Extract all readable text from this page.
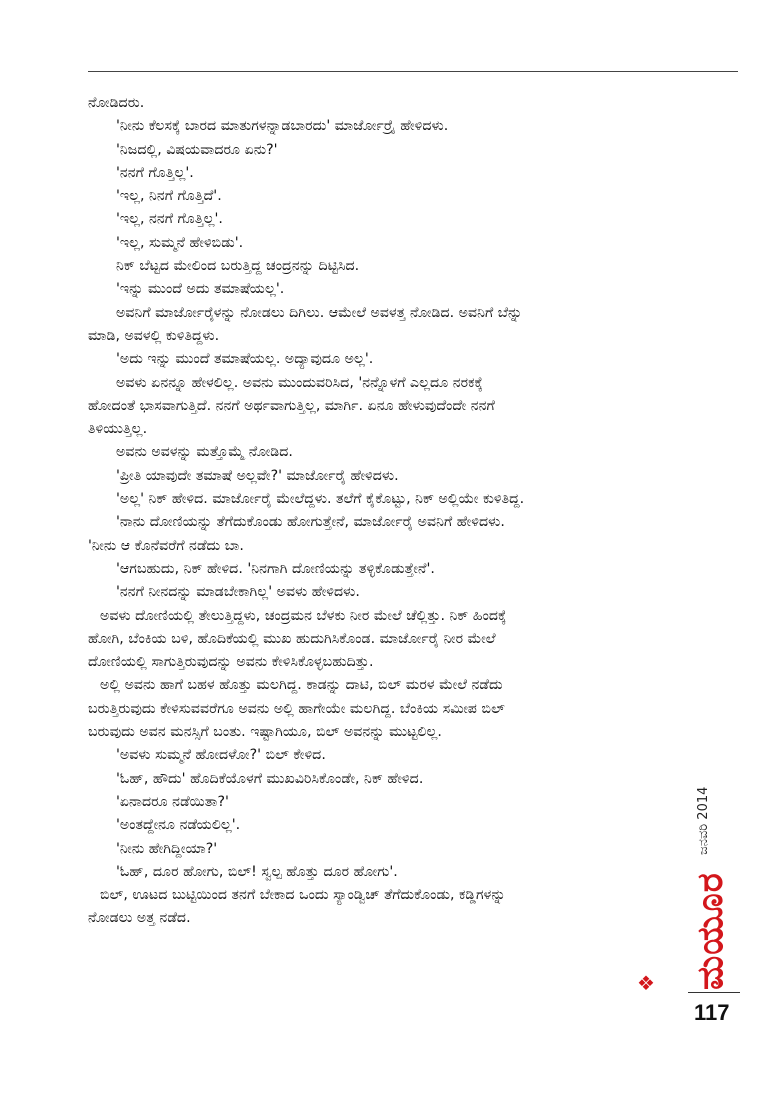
ನೋಡಿದರು.
'ನೀನು ಕೆಲಸಕ್ಕೆ ಬಾರದ ಮಾತುಗಳನ್ನಾಡಬಾರದು' ಮಾರ್ಜೋರ‍್ರೈ ಹೇಳಿದಳು.
'ನಿಜದಲ್ಲಿ, ವಿಷಯವಾದರೂ ಏನು?'
'ನನಗೆ ಗೊತ್ತಿಲ್ಲ'.
'ಇಲ್ಲ, ನಿನಗೆ ಗೊತ್ತಿದೆ'.
'ಇಲ್ಲ, ನನಗೆ ಗೊತ್ತಿಲ್ಲ'.
'ಇಲ್ಲ, ಸುಮ್ಮನೆ ಹೇಳಿಬಿಡು'.
ನಿಕ್ ಬೆಟ್ಟದ ಮೇಲಿಂದ ಬರುತ್ತಿದ್ದ ಚಂದ್ರನನ್ನು ದಿಟ್ಟಿಸಿದ.
'ಇನ್ನು ಮುಂದೆ ಅದು ತಮಾಷೆಯಲ್ಲ'.
ಅವನಿಗೆ ಮಾರ್ಜೋರೈಳನ್ನು ನೋಡಲು ದಿಗಿಲು. ಆಮೇಲೆ ಅವಳತ್ತ ನೋಡಿದ. ಅವನಿಗೆ ಬೆನ್ನು
ಮಾಡಿ, ಅವಳಲ್ಲಿ ಕುಳಿತಿದ್ದಳು.
'ಅದು ಇನ್ನು ಮುಂದೆ ತಮಾಷೆಯಲ್ಲ. ಅದ್ಯಾವುದೂ ಅಲ್ಲ'.
ಅವಳು ಏನನ್ನೂ ಹೇಳಲಿಲ್ಲ. ಅವನು ಮುಂದುವರಿಸಿದ, 'ನನ್ನೊಳಗೆ ಎಲ್ಲದೂ ನರಕಕ್ಕೆ
ಹೋದಂತೆ ಭಾಸವಾಗುತ್ತಿದೆ. ನನಗೆ ಅರ್ಥವಾಗುತ್ತಿಲ್ಲ, ಮಾರ್ಗಿ. ಏನೂ ಹೇಳುವುದೆಂದೇ ನನಗೆ
ತಿಳಿಯುತ್ತಿಲ್ಲ.
ಅವನು ಅವಳನ್ನು ಮತ್ತೊಮ್ಮೆ ನೋಡಿದ.
'ಪ್ರೀತಿ ಯಾವುದೇ ತಮಾಷೆ ಅಲ್ಲವೇ?' ಮಾರ್ಜೋರೈ ಹೇಳಿದಳು.
'ಅಲ್ಲ' ನಿಕ್ ಹೇಳಿದ. ಮಾರ್ಜೋರೈ ಮೇಲೆದ್ದಳು. ತಲೆಗೆ ಕೈಕೊಟ್ಟು, ನಿಕ್ ಅಲ್ಲಿಯೇ ಕುಳಿತಿದ್ದ.
'ನಾನು ದೋಣಿಯನ್ನು ತೆಗೆದುಕೊಂಡು ಹೋಗುತ್ತೇನೆ, ಮಾರ್ಜೋರೈ ಅವನಿಗೆ ಹೇಳಿದಳು.
'ನೀನು ಆ ಕೊನೆವರೆಗೆ ನಡೆದು ಬಾ.
'ಆಗಬಹುದು, ನಿಕ್ ಹೇಳಿದ. 'ನಿನಗಾಗಿ ದೋಣಿಯನ್ನು ತಳ್ಳಿಕೊಡುತ್ತೇನೆ'.
'ನನಗೆ ನೀನದನ್ನು ಮಾಡಬೇಕಾಗಿಲ್ಲ' ಅವಳು ಹೇಳಿದಳು.
ಅವಳು ದೋಣಿಯಲ್ಲಿ ತೇಲುತ್ತಿದ್ದಳು, ಚಂದ್ರಮನ ಬೆಳಕು ನೀರ ಮೇಲೆ ಚೆಲ್ಲಿತ್ತು. ನಿಕ್ ಹಿಂದಕ್ಕೆ
ಹೋಗಿ, ಬೆಂಕಿಯ ಬಳಿ, ಹೊದಿಕೆಯಲ್ಲಿ ಮುಖ ಹುದುಗಿಸಿಕೊಂಡ. ಮಾರ್ಜೋರೈ ನೀರ ಮೇಲೆ
ದೋಣಿಯಲ್ಲಿ ಸಾಗುತ್ತಿರುವುದನ್ನು ಅವನು ಕೇಳಿಸಿಕೊಳ್ಳಬಹುದಿತ್ತು.
ಅಲ್ಲಿ ಅವನು ಹಾಗೆ ಬಹಳ ಹೊತ್ತು ಮಲಗಿದ್ದ. ಕಾಡನ್ನು ದಾಟಿ, ಬಿಲ್ ಮರಳ ಮೇಲೆ ನಡೆದು
ಬರುತ್ತಿರುವುದು ಕೇಳಿಸುವವರೆಗೂ ಅವನು ಅಲ್ಲಿ ಹಾಗೇಯೇ ಮಲಗಿದ್ದ. ಬೆಂಕಿಯ ಸಮೀಪ ಬಿಲ್
ಬರುವುದು ಅವನ ಮನಸ್ಸಿಗೆ ಬಂತು. ಇಷ್ಟಾಗಿಯೂ, ಬಿಲ್ ಅವನನ್ನು ಮುಟ್ಟಲಿಲ್ಲ.
'ಅವಳು ಸುಮ್ಮನೆ ಹೋದಳೋ?' ಬಿಲ್ ಕೇಳಿದ.
'ಓಹ್, ಹೌದು' ಹೊದಿಕೆಯೊಳಗೆ ಮುಖವಿರಿಸಿಕೊಂಡೇ, ನಿಕ್ ಹೇಳಿದ.
'ಏನಾದರೂ ನಡೆಯಿತಾ?'
'ಅಂತದ್ದೇನೂ ನಡೆಯಲಿಲ್ಲ'.
'ನೀನು ಹೇಗಿದ್ದೀಯಾ?'
'ಓಹ್, ದೂರ ಹೋಗು, ಬಿಲ್! ಸ್ವಲ್ಪ ಹೊತ್ತು ದೂರ ಹೋಗು'.
ಬಿಲ್, ಊಟದ ಬುಟ್ಟಿಯಿಂದ ತನಗೆ ಬೇಕಾದ ಒಂದು ಸ್ಯಾಂಡ್ವಿಚ್ ತೆಗೆದುಕೊಂಡು, ಕಡ್ಡಿಗಳನ್ನು
ನೋಡಲು ಅತ್ತ ನಡೆದ.
❖
ಜನವರಿ 2014
ಮಯೂರ
117
